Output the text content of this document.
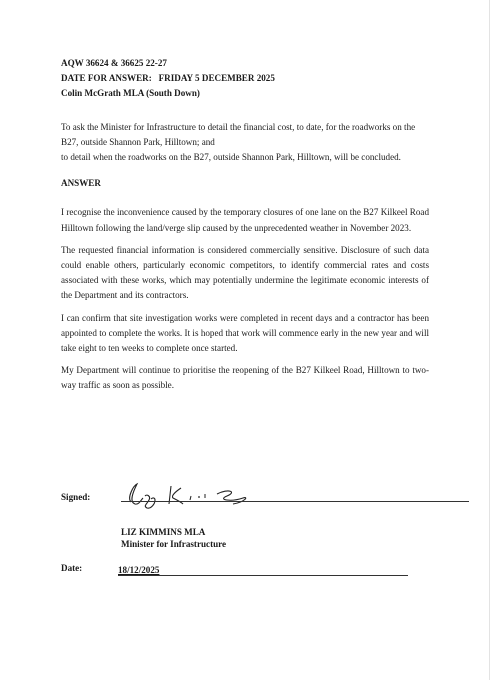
AQW 36624 & 36625 22-27

DATE FOR ANSWER:   FRIDAY 5 DECEMBER 2025

Colin McGrath MLA (South Down)

To ask the Minister for Infrastructure to detail the financial cost, to date, for the roadworks on the B27, outside Shannon Park, Hilltown; and

to detail when the roadworks on the B27, outside Shannon Park, Hilltown, will be concluded.

ANSWER

I recognise the inconvenience caused by the temporary closures of one lane on the B27 Kilkeel Road Hilltown following the land/verge slip caused by the unprecedented weather in November 2023.

The requested financial information is considered commercially sensitive. Disclosure of such data could enable others, particularly economic competitors, to identify commercial rates and costs associated with these works, which may potentially undermine the legitimate economic interests of the Department and its contractors.

I can confirm that site investigation works were completed in recent days and a contractor has been appointed to complete the works. It is hoped that work will commence early in the new year and will take eight to ten weeks to complete once started.

My Department will continue to prioritise the reopening of the B27 Kilkeel Road, Hilltown to two-way traffic as soon as possible.

Signed:
LIZ KIMMINS MLA
Minister for Infrastructure
Date:	18/12/2025
